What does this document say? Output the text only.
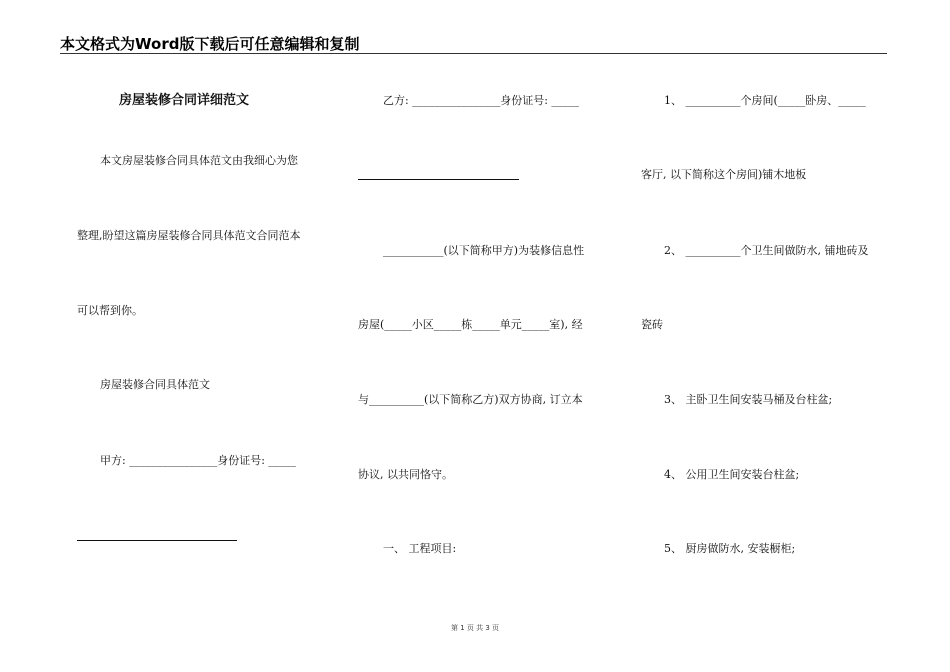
本文格式为Word版下载后可任意编辑和复制
房屋装修合同详细范文
本文房屋装修合同具体范文由我细心为您
整理,盼望这篇房屋装修合同具体范文合同范本
可以帮到你。
房屋装修合同具体范文
甲方: ________________身份证号: _____
乙方: ________________身份证号: _____
___________(以下简称甲方)为装修信息性
房屋(_____小区_____栋_____单元_____室), 经
与__________(以下简称乙方)双方协商, 订立本
协议, 以共同恪守。
一、 工程项目:
1、 __________个房间(_____卧房、_____
客厅, 以下简称这个房间)铺木地板
2、 __________个卫生间做防水, 铺地砖及
瓷砖
3、 主卧卫生间安装马桶及台柱盆;
4、 公用卫生间安装台柱盆;
5、 厨房做防水, 安装橱柜;
第 1 页 共 3 页
